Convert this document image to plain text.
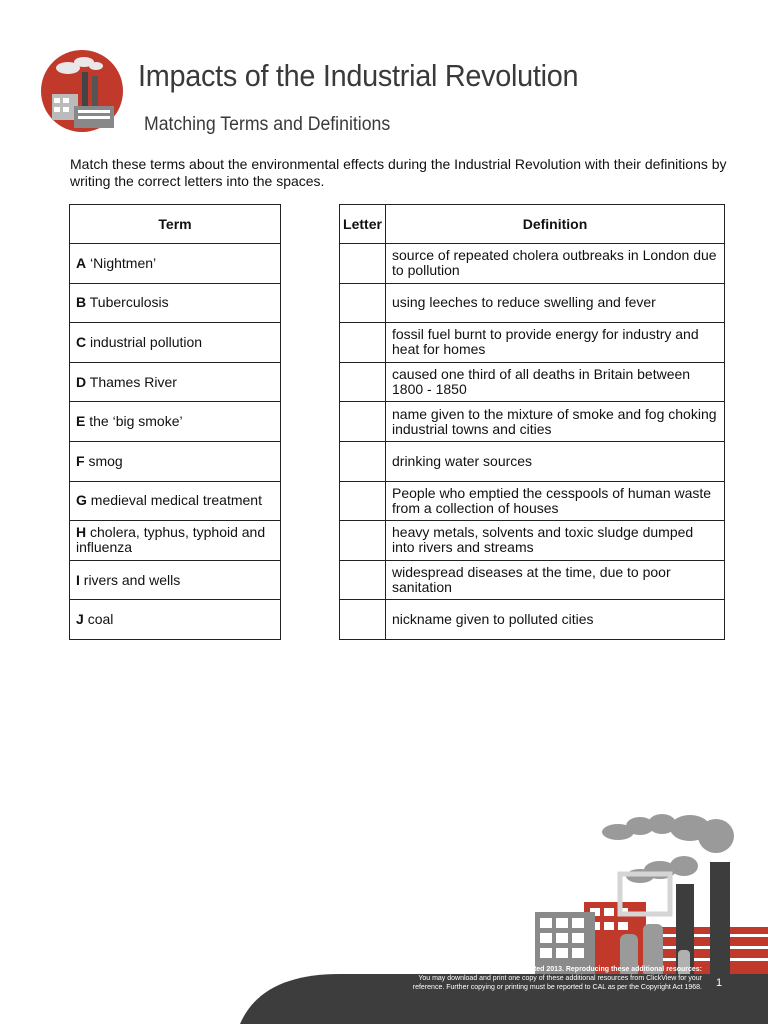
Impacts of the Industrial Revolution
Matching Terms and Definitions
Match these terms about the environmental effects during the Industrial Revolution with their definitions by writing the correct letters into the spaces.
Term
A ‘Nightmen’
B Tuberculosis
C industrial pollution
D Thames River
E the ‘big smoke’
F smog
G medieval medical treatment
H cholera, typhus, typhoid and influenza
I rivers and wells
J coal
Letter	Definition
	source of repeated cholera outbreaks in London due to pollution
	using leeches to reduce swelling and fever
	fossil fuel burnt to provide energy for industry and heat for homes
	caused one third of all deaths in Britain between 1800 - 1850
	name given to the mixture of smoke and fog choking industrial towns and cities
	drinking water sources
	People who emptied the cesspools of human waste from a collection of houses
	heavy metals, solvents and toxic sludge dumped into rivers and streams
	widespread diseases at the time, due to poor sanitation
	nickname given to polluted cities
14HIS06B © ClickView Pty Limited 2013. Reproducing these additional resources:
You may download and print one copy of these additional resources from ClickView for your
reference. Further copying or printing must be reported to CAL as per the Copyright Act 1968. 1
